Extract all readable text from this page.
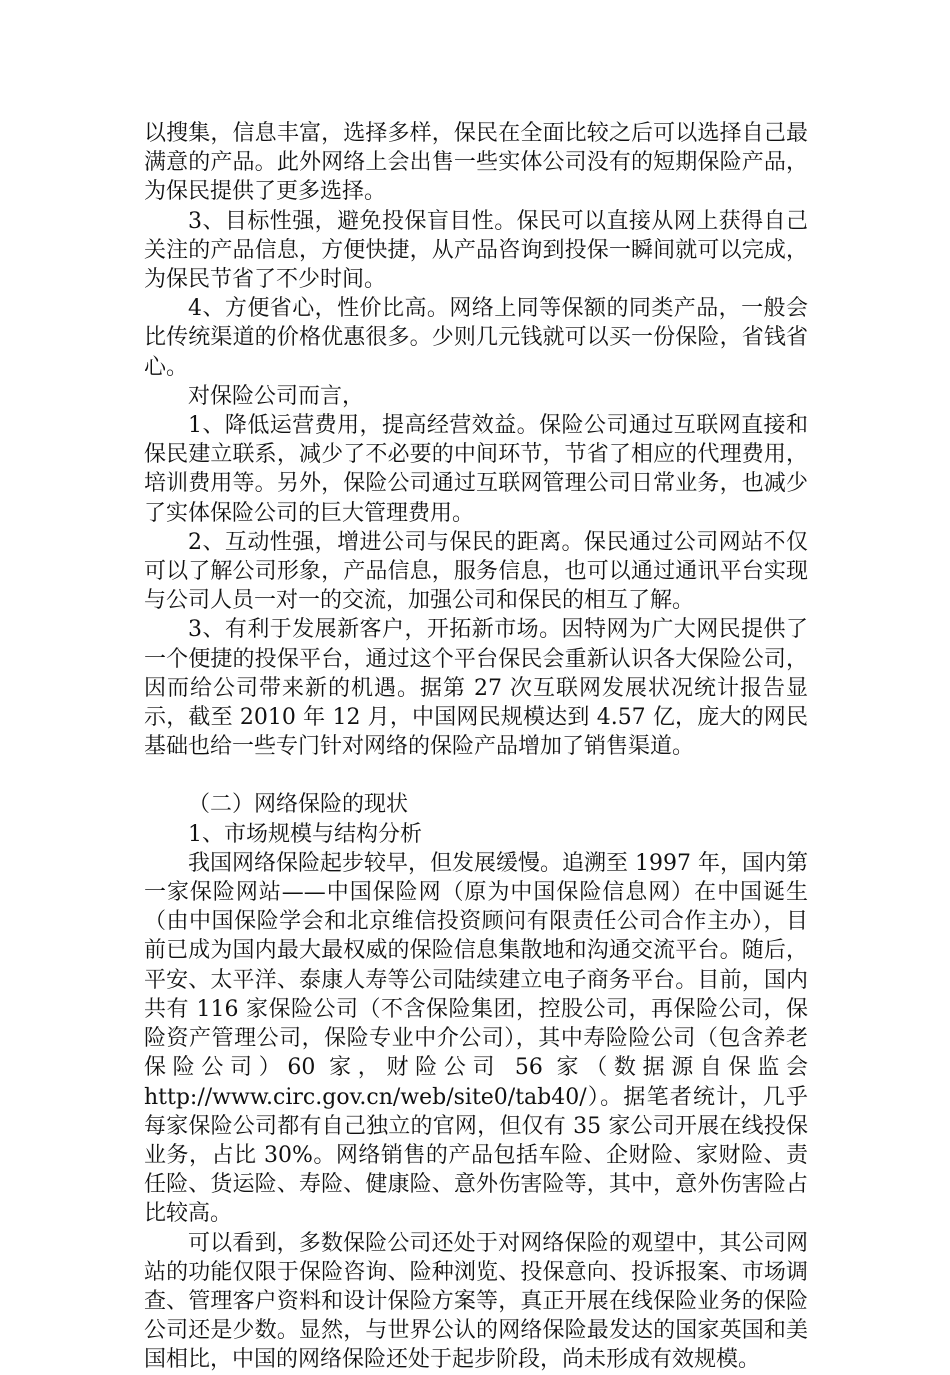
以搜集，信息丰富，选择多样，保民在全面比较之后可以选择自己最满意的产品。此外网络上会出售一些实体公司没有的短期保险产品，为保民提供了更多选择。

3、目标性强，避免投保盲目性。保民可以直接从网上获得自己关注的产品信息，方便快捷，从产品咨询到投保一瞬间就可以完成，为保民节省了不少时间。

4、方便省心，性价比高。网络上同等保额的同类产品，一般会比传统渠道的价格优惠很多。少则几元钱就可以买一份保险，省钱省心。

对保险公司而言，

1、降低运营费用，提高经营效益。保险公司通过互联网直接和保民建立联系，减少了不必要的中间环节，节省了相应的代理费用，培训费用等。另外，保险公司通过互联网管理公司日常业务，也减少了实体保险公司的巨大管理费用。

2、互动性强，增进公司与保民的距离。保民通过公司网站不仅可以了解公司形象，产品信息，服务信息，也可以通过通讯平台实现与公司人员一对一的交流，加强公司和保民的相互了解。

3、有利于发展新客户，开拓新市场。因特网为广大网民提供了一个便捷的投保平台，通过这个平台保民会重新认识各大保险公司，因而给公司带来新的机遇。据第 27 次互联网发展状况统计报告显示，截至 2010 年 12 月，中国网民规模达到 4.57 亿，庞大的网民基础也给一些专门针对网络的保险产品增加了销售渠道。

（二）网络保险的现状

1、市场规模与结构分析

我国网络保险起步较早，但发展缓慢。追溯至 1997 年，国内第一家保险网站——中国保险网（原为中国保险信息网）在中国诞生（由中国保险学会和北京维信投资顾问有限责任公司合作主办），目前已成为国内最大最权威的保险信息集散地和沟通交流平台。随后，平安、太平洋、泰康人寿等公司陆续建立电子商务平台。目前，国内共有 116 家保险公司（不含保险集团，控股公司，再保险公司，保险资产管理公司，保险专业中介公司），其中寿险险公司（包含养老保险公司）60 家，财险公司 56 家（数据源自保监会 http://www.circ.gov.cn/web/site0/tab40/）。据笔者统计，几乎每家保险公司都有自己独立的官网，但仅有 35 家公司开展在线投保业务，占比 30%。网络销售的产品包括车险、企财险、家财险、责任险、货运险、寿险、健康险、意外伤害险等，其中，意外伤害险占比较高。

可以看到，多数保险公司还处于对网络保险的观望中，其公司网站的功能仅限于保险咨询、险种浏览、投保意向、投诉报案、市场调查、管理客户资料和设计保险方案等，真正开展在线保险业务的保险公司还是少数。显然，与世界公认的网络保险最发达的国家英国和美国相比，中国的网络保险还处于起步阶段，尚未形成有效规模。
